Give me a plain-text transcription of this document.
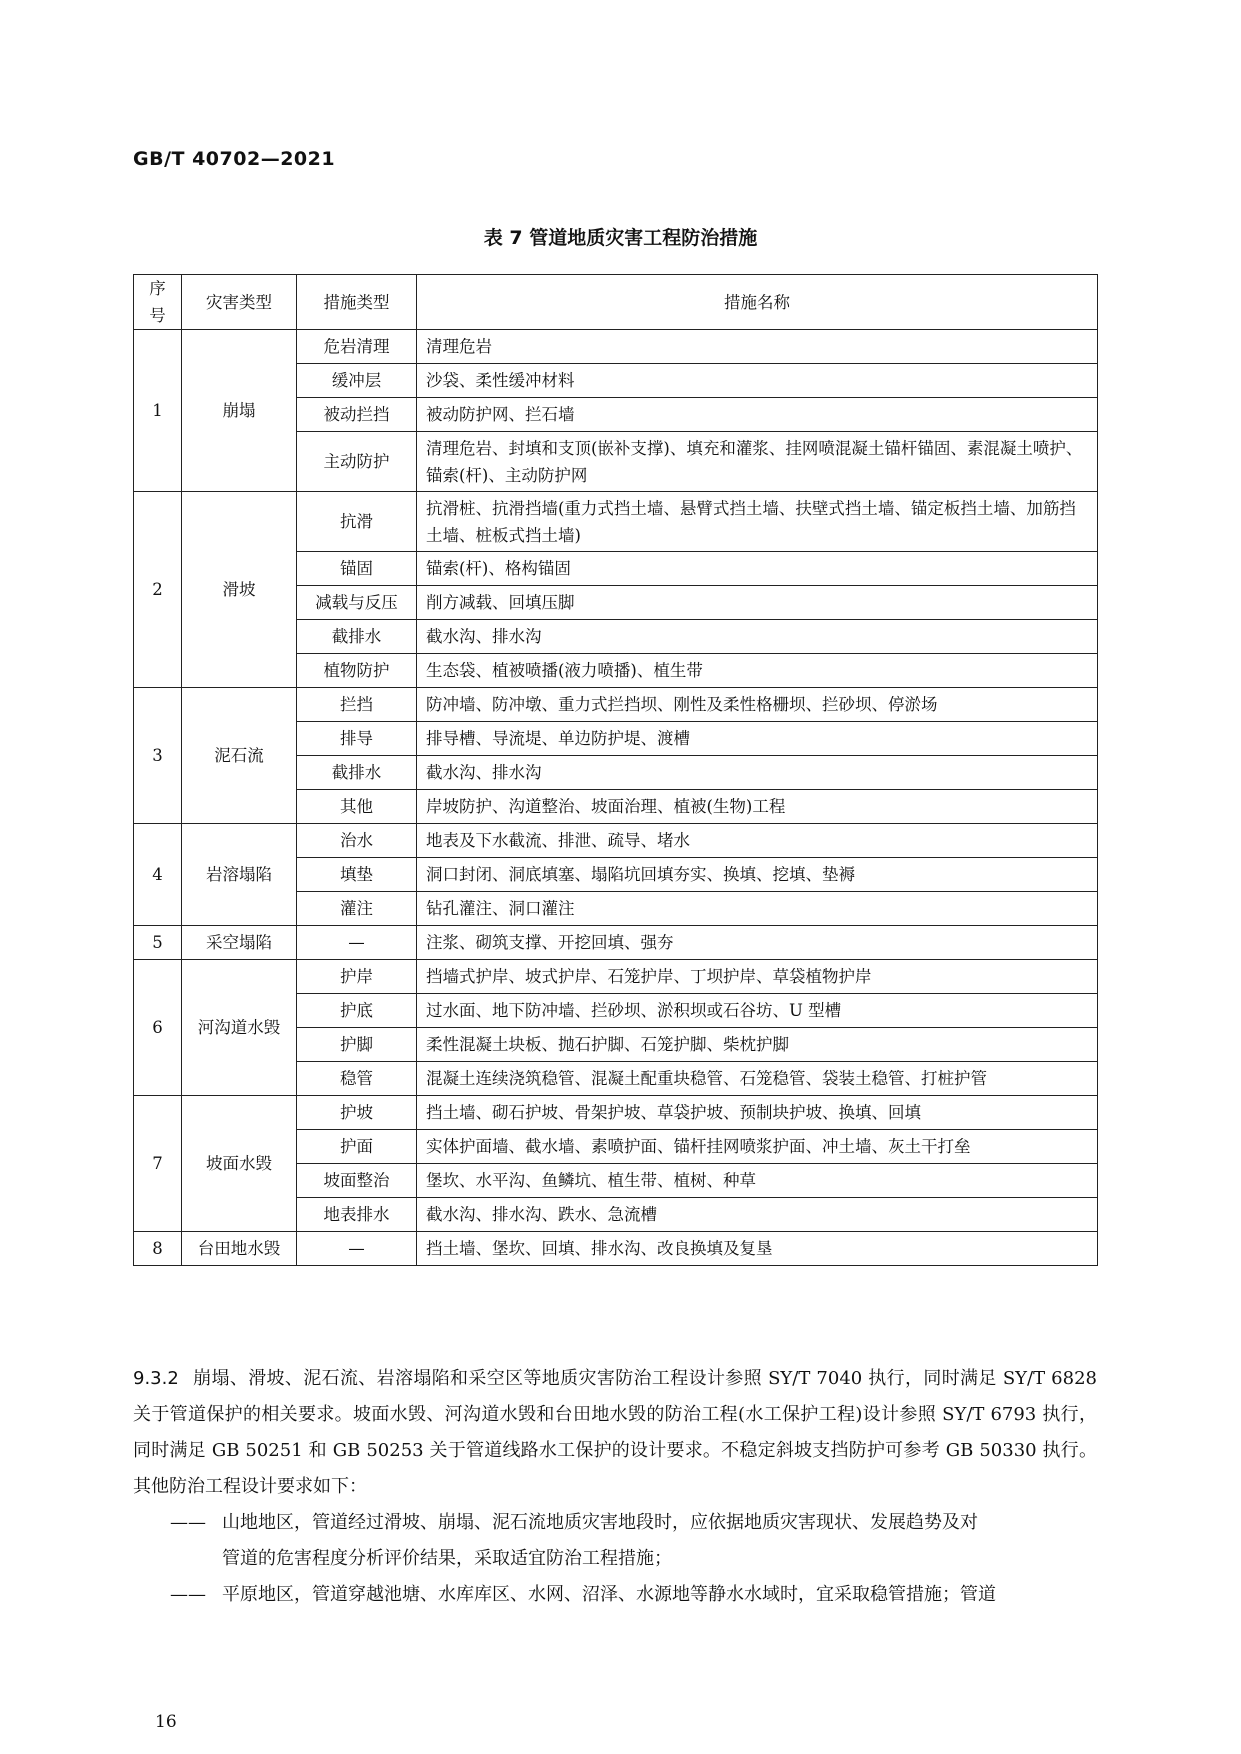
GB/T 40702—2021
表 7 管道地质灾害工程防治措施
序号	灾害类型	措施类型	措施名称
1	崩塌	危岩清理	清理危岩
		缓冲层	沙袋、柔性缓冲材料
		被动拦挡	被动防护网、拦石墙
		主动防护	清理危岩、封填和支顶(嵌补支撑)、填充和灌浆、挂网喷混凝土锚杆锚固、素混凝土喷护、锚索(杆)、主动防护网
2	滑坡	抗滑	抗滑桩、抗滑挡墙(重力式挡土墙、悬臂式挡土墙、扶壁式挡土墙、锚定板挡土墙、加筋挡土墙、桩板式挡土墙)
		锚固	锚索(杆)、格构锚固
		减载与反压	削方减载、回填压脚
		截排水	截水沟、排水沟
		植物防护	生态袋、植被喷播(液力喷播)、植生带
3	泥石流	拦挡	防冲墙、防冲墩、重力式拦挡坝、刚性及柔性格栅坝、拦砂坝、停淤场
		排导	排导槽、导流堤、单边防护堤、渡槽
		截排水	截水沟、排水沟
		其他	岸坡防护、沟道整治、坡面治理、植被(生物)工程
4	岩溶塌陷	治水	地表及下水截流、排泄、疏导、堵水
		填垫	洞口封闭、洞底填塞、塌陷坑回填夯实、换填、挖填、垫褥
		灌注	钻孔灌注、洞口灌注
5	采空塌陷	—	注浆、砌筑支撑、开挖回填、强夯
6	河沟道水毁	护岸	挡墙式护岸、坡式护岸、石笼护岸、丁坝护岸、草袋植物护岸
		护底	过水面、地下防冲墙、拦砂坝、淤积坝或石谷坊、U 型槽
		护脚	柔性混凝土块板、抛石护脚、石笼护脚、柴枕护脚
		稳管	混凝土连续浇筑稳管、混凝土配重块稳管、石笼稳管、袋装土稳管、打桩护管
7	坡面水毁	护坡	挡土墙、砌石护坡、骨架护坡、草袋护坡、预制块护坡、换填、回填
		护面	实体护面墙、截水墙、素喷护面、锚杆挂网喷浆护面、冲土墙、灰土干打垒
		坡面整治	堡坎、水平沟、鱼鳞坑、植生带、植树、种草
		地表排水	截水沟、排水沟、跌水、急流槽
8	台田地水毁	—	挡土墙、堡坎、回填、排水沟、改良换填及复垦
9.3.2 崩塌、滑坡、泥石流、岩溶塌陷和采空区等地质灾害防治工程设计参照 SY/T 7040 执行，同时满足 SY/T 6828 关于管道保护的相关要求。坡面水毁、河沟道水毁和台田地水毁的防治工程(水工保护工程)设计参照 SY/T 6793 执行，同时满足 GB 50251 和 GB 50253 关于管道线路水工保护的设计要求。不稳定斜坡支挡防护可参考 GB 50330 执行。其他防治工程设计要求如下：
—— 山地地区，管道经过滑坡、崩塌、泥石流地质灾害地段时，应依据地质灾害现状、发展趋势及对
管道的危害程度分析评价结果，采取适宜防治工程措施；
—— 平原地区，管道穿越池塘、水库库区、水网、沼泽、水源地等静水水域时，宜采取稳管措施；管道
16
